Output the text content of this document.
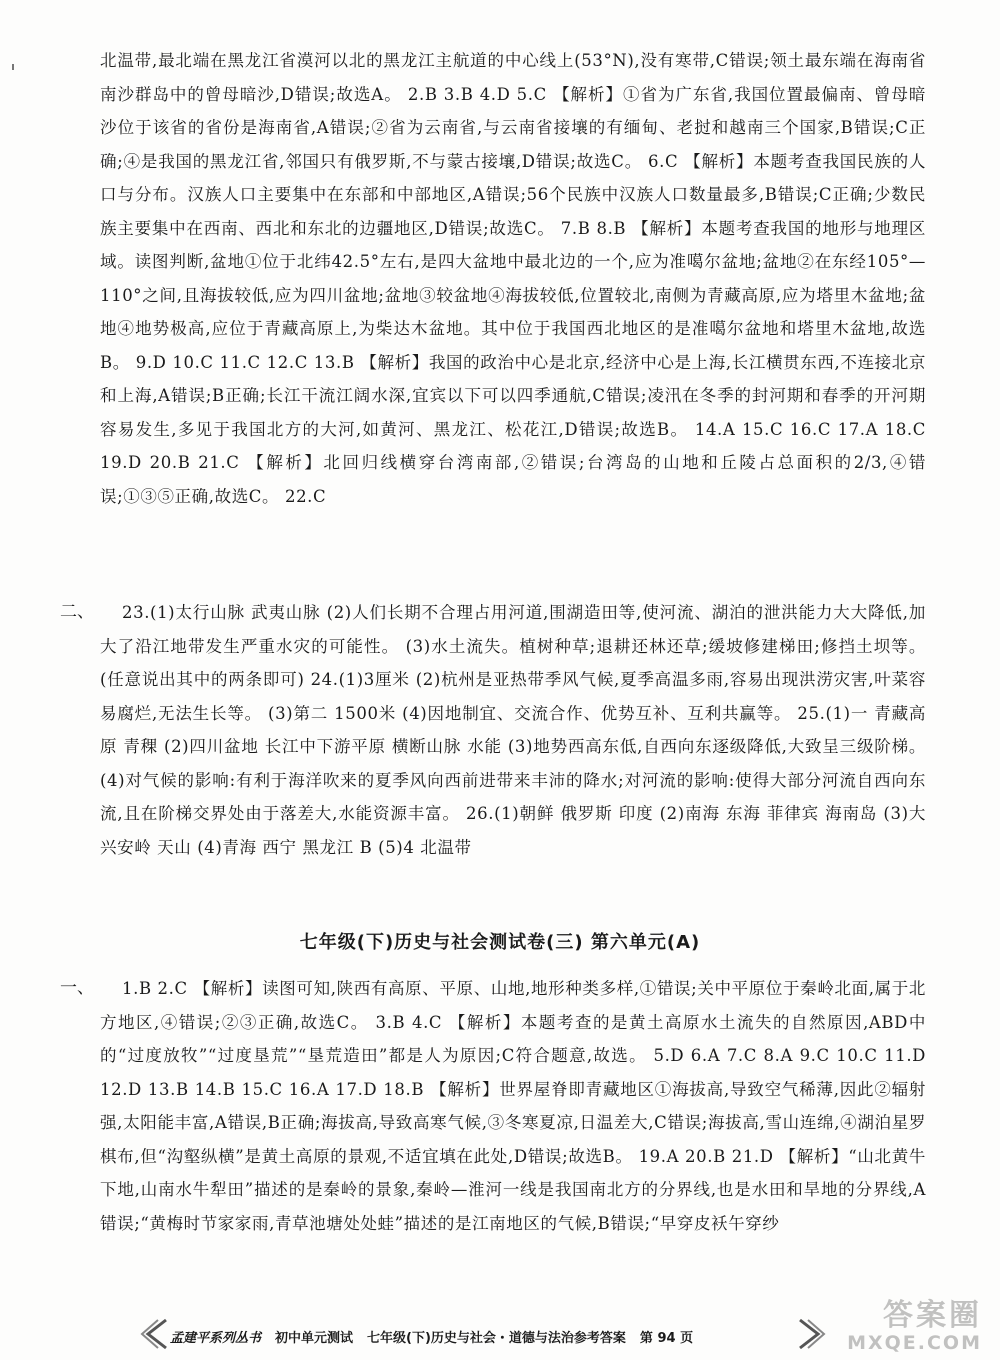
北温带,最北端在黑龙江省漠河以北的黑龙江主航道的中心线上(53°N),没有寒带,C错误;领土最东端在海南省南沙群岛中的曾母暗沙,D错误;故选A。 2.B 3.B 4.D 5.C 【解析】①省为广东省,我国位置最偏南、曾母暗沙位于该省的省份是海南省,A错误;②省为云南省,与云南省接壤的有缅甸、老挝和越南三个国家,B错误;C正确;④是我国的黑龙江省,邻国只有俄罗斯,不与蒙古接壤,D错误;故选C。 6.C 【解析】本题考查我国民族的人口与分布。汉族人口主要集中在东部和中部地区,A错误;56个民族中汉族人口数量最多,B错误;C正确;少数民族主要集中在西南、西北和东北的边疆地区,D错误;故选C。 7.B 8.B 【解析】本题考查我国的地形与地理区域。读图判断,盆地①位于北纬42.5°左右,是四大盆地中最北边的一个,应为准噶尔盆地;盆地②在东经105°—110°之间,且海拔较低,应为四川盆地;盆地③较盆地④海拔较低,位置较北,南侧为青藏高原,应为塔里木盆地;盆地④地势极高,应位于青藏高原上,为柴达木盆地。其中位于我国西北地区的是准噶尔盆地和塔里木盆地,故选B。 9.D 10.C 11.C 12.C 13.B 【解析】我国的政治中心是北京,经济中心是上海,长江横贯东西,不连接北京和上海,A错误;B正确;长江干流江阔水深,宜宾以下可以四季通航,C错误;凌汛在冬季的封河期和春季的开河期容易发生,多见于我国北方的大河,如黄河、黑龙江、松花江,D错误;故选B。 14.A 15.C 16.C 17.A 18.C 19.D 20.B 21.C 【解析】北回归线横穿台湾南部,②错误;台湾岛的山地和丘陵占总面积的2/3,④错误;①③⑤正确,故选C。 22.C
二、	23.(1)太行山脉 武夷山脉 (2)人们长期不合理占用河道,围湖造田等,使河流、湖泊的泄洪能力大大降低,加大了沿江地带发生严重水灾的可能性。 (3)水土流失。植树种草;退耕还林还草;缓坡修建梯田;修挡土坝等。(任意说出其中的两条即可) 24.(1)3厘米 (2)杭州是亚热带季风气候,夏季高温多雨,容易出现洪涝灾害,叶菜容易腐烂,无法生长等。 (3)第二 1500米 (4)因地制宜、交流合作、优势互补、互利共赢等。 25.(1)一 青藏高原 青稞 (2)四川盆地 长江中下游平原 横断山脉 水能 (3)地势西高东低,自西向东逐级降低,大致呈三级阶梯。 (4)对气候的影响:有利于海洋吹来的夏季风向西前进带来丰沛的降水;对河流的影响:使得大部分河流自西向东流,且在阶梯交界处由于落差大,水能资源丰富。 26.(1)朝鲜 俄罗斯 印度 (2)南海 东海 菲律宾 海南岛 (3)大兴安岭 天山 (4)青海 西宁 黑龙江 B (5)4 北温带
七年级(下)历史与社会测试卷(三) 第六单元(A)
一、	1.B 2.C 【解析】读图可知,陕西有高原、平原、山地,地形种类多样,①错误;关中平原位于秦岭北面,属于北方地区,④错误;②③正确,故选C。 3.B 4.C 【解析】本题考查的是黄土高原水土流失的自然原因,ABD中的“过度放牧”“过度垦荒”“垦荒造田”都是人为原因;C符合题意,故选。 5.D 6.A 7.C 8.A 9.C 10.C 11.D 12.D 13.B 14.B 15.C 16.A 17.D 18.B 【解析】世界屋脊即青藏地区①海拔高,导致空气稀薄,因此②辐射强,太阳能丰富,A错误,B正确;海拔高,导致高寒气候,③冬寒夏凉,日温差大,C错误;海拔高,雪山连绵,④湖泊星罗棋布,但“沟壑纵横”是黄土高原的景观,不适宜填在此处,D错误;故选B。 19.A 20.B 21.D 【解析】“山北黄牛下地,山南水牛犁田”描述的是秦岭的景象,秦岭—淮河一线是我国南北方的分界线,也是水田和旱地的分界线,A错误;“黄梅时节家家雨,青草池塘处处蛙”描述的是江南地区的气候,B错误;“早穿皮袄午穿纱
孟建平系列丛书 初中单元测试 七年级(下)历史与社会・道德与法治参考答案 第 94 页
答案圈
MXQE.COM
